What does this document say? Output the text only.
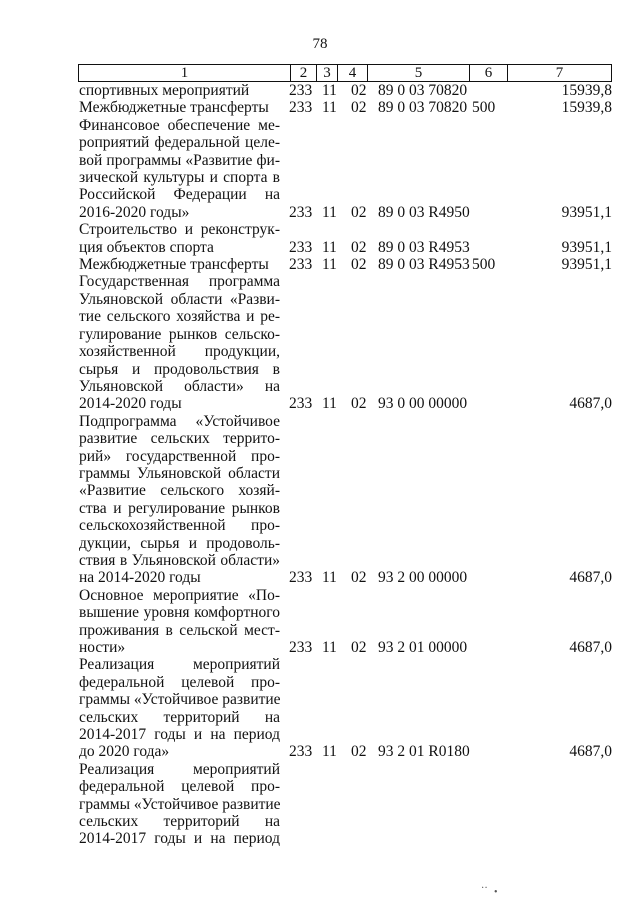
78
1	2	3	4	5	6	7
спортивных мероприятий	233 11 02 89 0 03 70820	15939,8
Межбюджетные трансферты	233 11 02 89 0 03 70820 500	15939,8
Финансовое обеспечение ме-
роприятий федеральной целе-
вой программы «Развитие фи-
зической культуры и спорта в
Российской Федерации на
2016-2020 годы»	233 11 02 89 0 03 R4950	93951,1
Строительство и реконструк-
ция объектов спорта	233 11 02 89 0 03 R4953	93951,1
Межбюджетные трансферты	233 11 02 89 0 03 R4953 500	93951,1
Государственная программа
Ульяновской области «Разви-
тие сельского хозяйства и ре-
гулирование рынков сельско-
хозяйственной продукции,
сырья и продовольствия в
Ульяновской области» на
2014-2020 годы	233 11 02 93 0 00 00000	4687,0
Подпрограмма «Устойчивое
развитие сельских террито-
рий» государственной про-
граммы Ульяновской области
«Развитие сельского хозяй-
ства и регулирование рынков
сельскохозяйственной про-
дукции, сырья и продоволь-
ствия в Ульяновской области»
на 2014-2020 годы	233 11 02 93 2 00 00000	4687,0
Основное мероприятие «По-
вышение уровня комфортного
проживания в сельской мест-
ности»	233 11 02 93 2 01 00000	4687,0
Реализация мероприятий
федеральной целевой про-
граммы «Устойчивое развитие
сельских территорий на
2014-2017 годы и на период
до 2020 года»	233 11 02 93 2 01 R0180	4687,0
Реализация мероприятий
федеральной целевой про-
граммы «Устойчивое развитие
сельских территорий на
2014-2017 годы и на период
․․
•
